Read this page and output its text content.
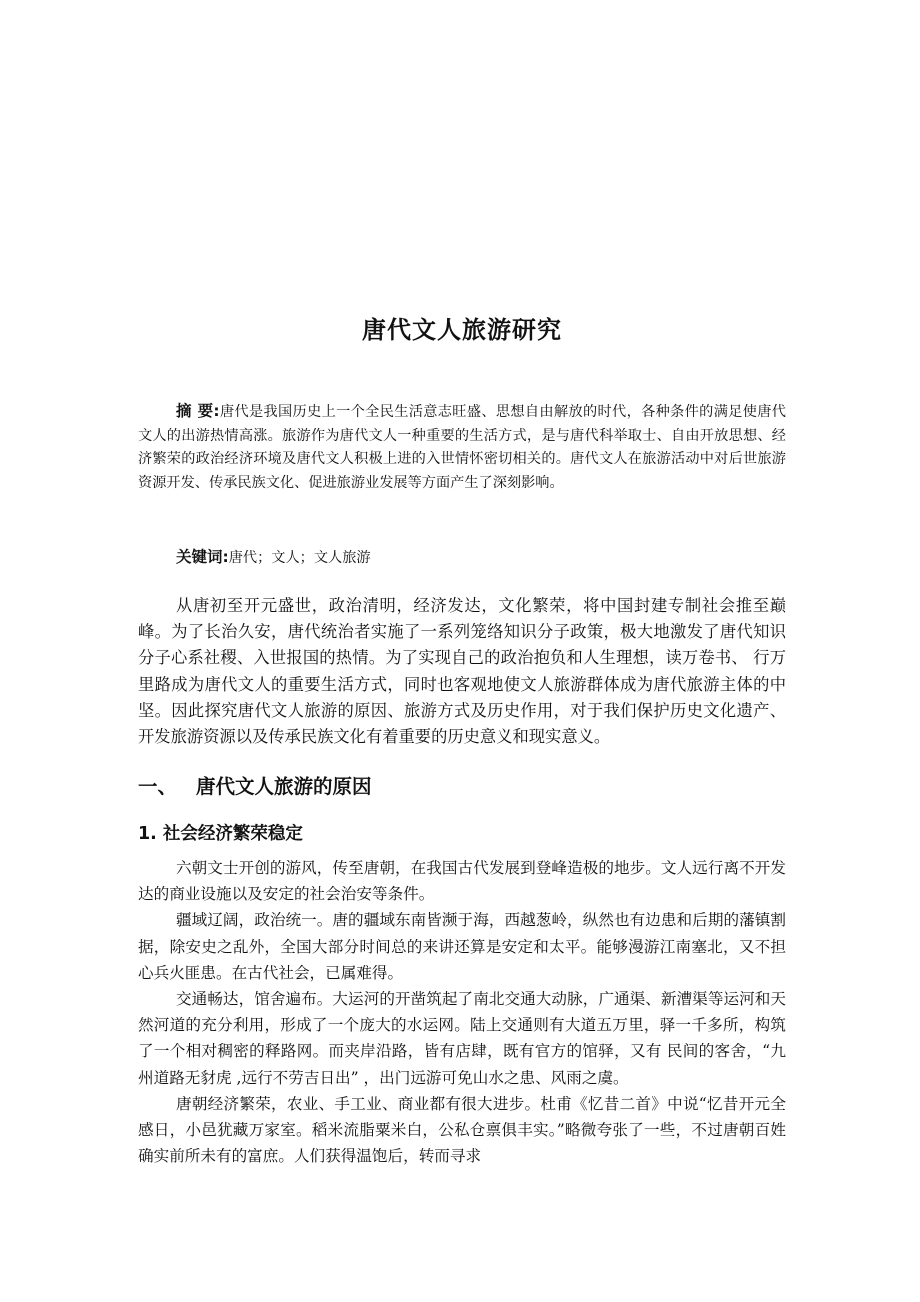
唐代文人旅游研究
摘 要:唐代是我国历史上一个全民生活意志旺盛、思想自由解放的时代，各种条件的满足使唐代文人的出游热情高涨。旅游作为唐代文人一种重要的生活方式，是与唐代科举取士、自由开放思想、经济繁荣的政治经济环境及唐代文人积极上进的入世情怀密切相关的。唐代文人在旅游活动中对后世旅游资源开发、传承民族文化、促进旅游业发展等方面产生了深刻影响。
关键词:唐代；文人；文人旅游
从唐初至开元盛世，政治清明，经济发达，文化繁荣，将中国封建专制社会推至巅峰。为了长治久安，唐代统治者实施了一系列笼络知识分子政策，极大地激发了唐代知识分子心系社稷、入世报国的热情。为了实现自己的政治抱负和人生理想，读万卷书、 行万里路成为唐代文人的重要生活方式，同时也客观地使文人旅游群体成为唐代旅游主体的中坚。因此探究唐代文人旅游的原因、旅游方式及历史作用，对于我们保护历史文化遗产、开发旅游资源以及传承民族文化有着重要的历史意义和现实意义。
一、 唐代文人旅游的原因
1. 社会经济繁荣稳定

六朝文士开创的游风，传至唐朝，在我国古代发展到登峰造极的地步。文人远行离不开发达的商业设施以及安定的社会治安等条件。

疆域辽阔，政治统一。唐的疆域东南皆濒于海，西越葱岭，纵然也有边患和后期的藩镇割据，除安史之乱外，全国大部分时间总的来讲还算是安定和太平。能够漫游江南塞北，又不担心兵火匪患。在古代社会，已属难得。

交通畅达，馆舍遍布。大运河的开凿筑起了南北交通大动脉，广通渠、新漕渠等运河和天然河道的充分利用，形成了一个庞大的水运网。陆上交通则有大道五万里，驿一千多所，构筑了一个相对稠密的释路网。而夹岸沿路，皆有店肆，既有官方的馆驿，又有 民间的客舍，“九州道路无豺虎 ,远行不劳吉日出” ，出门远游可免山水之患、风雨之虞。

唐朝经济繁荣，农业、手工业、商业都有很大进步。杜甫《忆昔二首》中说“忆昔开元全感日，小邑犹藏万家室。稻米流脂粟米白，公私仓禀俱丰实。”略微夸张了一些，不过唐朝百姓确实前所未有的富庶。人们获得温饱后，转而寻求
